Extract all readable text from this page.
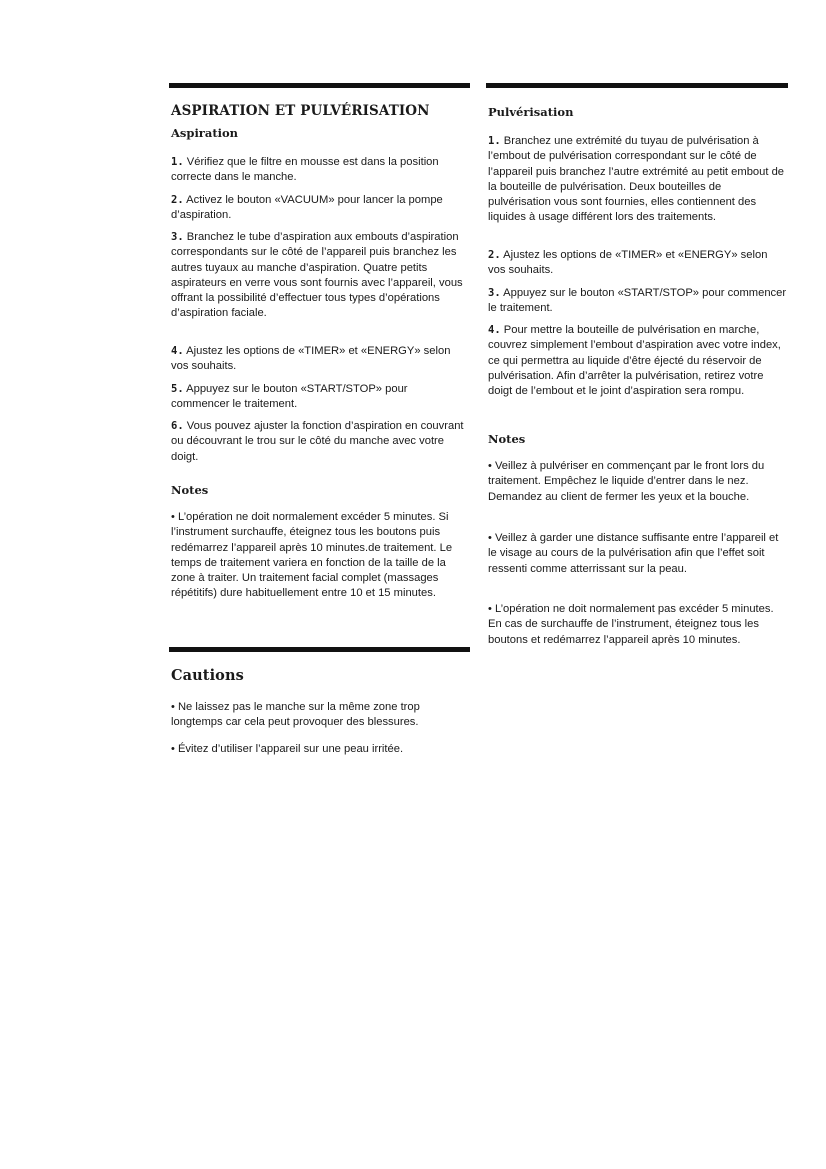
ASPIRATION ET PULVÉRISATION
Aspiration

1. Vérifiez que le filtre en mousse est dans la position correcte dans le manche.

2. Activez le bouton «VACUUM» pour lancer la pompe d’aspiration.

3. Branchez le tube d’aspiration aux embouts d’aspiration correspondants sur le côté de l’appareil puis branchez les autres tuyaux au manche d’aspiration. Quatre petits aspirateurs en verre vous sont fournis avec l’appareil, vous offrant la possibilité d’effectuer tous types d’opérations d’aspiration faciale.

4. Ajustez les options de «TIMER» et «ENERGY» selon vos souhaits.

5. Appuyez sur le bouton «START/STOP» pour commencer le traitement.

6. Vous pouvez ajuster la fonction d’aspiration en couvrant ou découvrant le trou sur le côté du manche avec votre doigt.

Notes

• L’opération ne doit normalement excéder 5 minutes. Si l’instrument surchauffe, éteignez tous les boutons puis redémarrez l’appareil après 10 minutes.de traitement. Le temps de traitement variera en fonction de la taille de la zone à traiter. Un traitement facial complet (massages répétitifs) dure habituellement entre 10 et 15 minutes.

Cautions

• Ne laissez pas le manche sur la même zone trop longtemps car cela peut provoquer des blessures.

• Évitez d’utiliser l’appareil sur une peau irritée.

Pulvérisation

1. Branchez une extrémité du tuyau de pulvérisation à l’embout de pulvérisation correspondant sur le côté de l’appareil puis branchez l’autre extrémité au petit embout de la bouteille de pulvérisation. Deux bouteilles de pulvérisation vous sont fournies, elles contiennent des liquides à usage différent lors des traitements.

2. Ajustez les options de «TIMER» et «ENERGY» selon vos souhaits.

3. Appuyez sur le bouton «START/STOP» pour commencer le traitement.

4. Pour mettre la bouteille de pulvérisation en marche, couvrez simplement l’embout d’aspiration avec votre index, ce qui permettra au liquide d’être éjecté du réservoir de pulvérisation. Afin d’arrêter la pulvérisation, retirez votre doigt de l’embout et le joint d’aspiration sera rompu.

Notes

• Veillez à pulvériser en commençant par le front lors du traitement. Empêchez le liquide d’entrer dans le nez. Demandez au client de fermer les yeux et la bouche.

• Veillez à garder une distance suffisante entre l’appareil et le visage au cours de la pulvérisation afin que l’effet soit ressenti comme atterrissant sur la peau.

• L’opération ne doit normalement pas excéder 5 minutes. En cas de surchauffe de l’instrument, éteignez tous les boutons et redémarrez l’appareil après 10 minutes.
